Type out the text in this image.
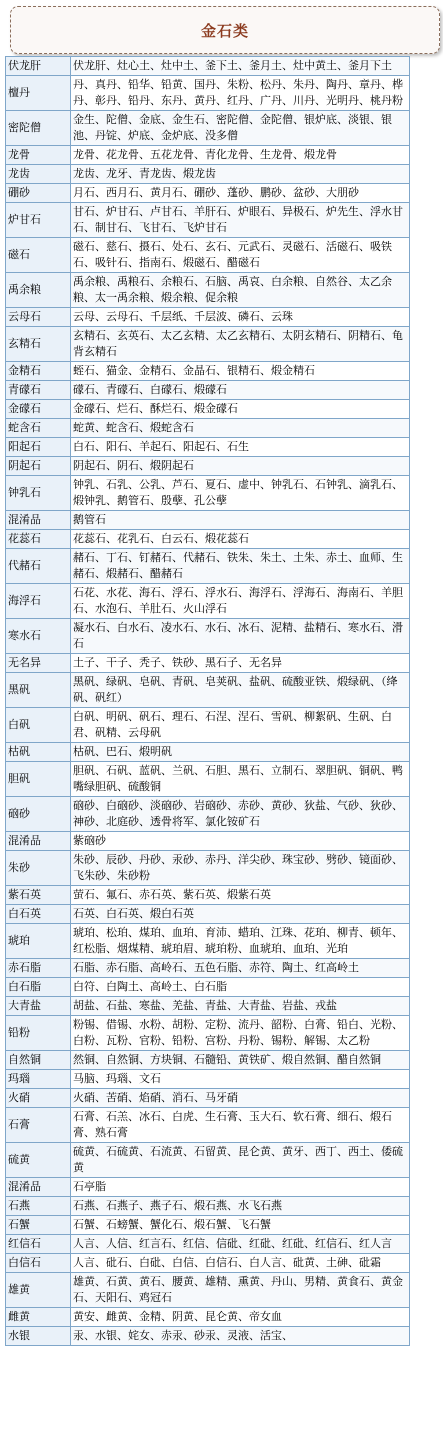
金石类
伏龙肝	伏龙肝、灶心土、灶中土、釜下土、釜月土、灶中黄土、釜月下土
檀丹	丹、真丹、铅华、铅黄、国丹、朱粉、松丹、朱丹、陶丹、章丹、桦丹、彰丹、铅丹、东丹、黄丹、红丹、广丹、川丹、光明丹、桃丹粉
密陀僧	金生、陀僧、金底、金生石、密陀僧、金陀僧、银炉底、淡银、银池、丹锭、炉底、金炉底、没多僧
龙骨	龙骨、花龙骨、五花龙骨、青化龙骨、生龙骨、煅龙骨
龙齿	龙齿、龙牙、青龙齿、煅龙齿
硼砂	月石、西月石、黄月石、硼砂、蓬砂、鹏砂、盆砂、大朋砂
炉甘石	甘石、炉甘石、卢甘石、羊肝石、炉眼石、异极石、炉先生、浮水甘石、制甘石、飞甘石、飞炉甘石
磁石	磁石、慈石、摄石、处石、玄石、元武石、灵磁石、活磁石、吸铁石、吸针石、指南石、煅磁石、醋磁石
禹余粮	禹余粮、禹粮石、余粮石、石脑、禹哀、白余粮、自然谷、太乙余粮、太一禹余粮、煅余粮、促余粮
云母石	云母、云母石、千层纸、千层波、磷石、云珠
玄精石	玄精石、玄英石、太乙玄精、太乙玄精石、太阴玄精石、阴精石、龟背玄精石
金精石	蛭石、猫金、金精石、金晶石、银精石、煅金精石
青礞石	礞石、青礞石、白礞石、煅礞石
金礞石	金礞石、烂石、酥烂石、煅金礞石
蛇含石	蛇黄、蛇含石、煅蛇含石
阳起石	白石、阳石、羊起石、阳起石、石生
阴起石	阴起石、阴石、煅阴起石
钟乳石	钟乳、石乳、公乳、芦石、夏石、虚中、钟乳石、石钟乳、滴乳石、煅钟乳、鹅管石、殷孽、孔公孽
混淆品	鹅管石
花蕊石	花蕊石、花乳石、白云石、煅花蕊石
代赭石	赭石、丁石、钉赭石、代赭石、铁朱、朱土、土朱、赤土、血师、生赭石、煅赭石、醋赭石
海浮石	石花、水花、海石、浮石、浮水石、海浮石、浮海石、海南石、羊胆石、水泡石、羊肚石、火山浮石
寒水石	凝水石、白水石、凌水石、水石、冰石、泥精、盐精石、寒水石、滑石
无名异	土子、干子、秃子、铁砂、黑石子、无名异
黑矾	黑矾、绿矾、皂矾、青矾、皂荚矾、盐矾、硫酸亚铁、煅绿矾、（绛矾、矾红）
白矾	白矾、明矾、矾石、理石、石涅、涅石、雪矾、柳絮矾、生矾、白君、矾精、云母矾
枯矾	枯矾、巴石、煅明矾
胆矾	胆矾、石矾、蓝矾、兰矾、石胆、黑石、立制石、翠胆矾、铜矾、鸭嘴绿胆矾、硫酸铜
硇砂	硇砂、白硇砂、淡硇砂、岩硇砂、赤砂、黄砂、狄盐、气砂、狄砂、神砂、北庭砂、透骨将军、氯化铵矿石
混淆品	紫硇砂
朱砂	朱砂、辰砂、丹砂、汞砂、赤丹、洋尖砂、珠宝砂、劈砂、镜面砂、飞朱砂、朱砂粉
紫石英	萤石、氟石、赤石英、紫石英、煅紫石英
白石英	石英、白石英、煅白石英
琥珀	琥珀、松珀、煤珀、血珀、育沛、蜡珀、江珠、花珀、柳青、顿年、红松脂、烟煤精、琥珀眉、琥珀粉、血琥珀、血珀、光珀
赤石脂	石脂、赤石脂、高岭石、五色石脂、赤符、陶土、红高岭土
白石脂	白符、白陶土、高岭土、白石脂
大青盐	胡盐、石盐、寒盐、羌盐、青盐、大青盐、岩盐、戎盐
铅粉	粉锡、借锡、水粉、胡粉、定粉、流丹、韶粉、白膏、铅白、光粉、白粉、瓦粉、官粉、铅粉、宫粉、丹粉、锡粉、解锡、太乙粉
自然铜	然铜、自然铜、方块铜、石髓铅、黄铁矿、煅自然铜、醋自然铜
玛瑙	马脑、玛瑙、文石
火硝	火硝、苦硝、焰硝、消石、马牙硝
石膏	石膏、石羔、冰石、白虎、生石膏、玉大石、软石膏、细石、煅石膏、熟石膏
硫黄	硫黄、石硫黄、石流黄、石留黄、昆仑黄、黄牙、西丁、西土、倭硫黄
混淆品	石亭脂
石燕	石燕、石燕子、燕子石、煅石燕、水飞石燕
石蟹	石蟹、石螃蟹、蟹化石、煅石蟹、飞石蟹
红信石	人言、人信、红言石、红信、信砒、红砒、红砒、红信石、红人言
白信石	人言、砒石、白砒、白信、白信石、白人言、砒黄、土砷、砒霜
雄黄	雄黄、石黄、黄石、腰黄、雄精、熏黄、丹山、男精、黄食石、黄金石、天阳石、鸡冠石
雌黄	黄安、雌黄、金精、阴黄、昆仑黄、帝女血
水银	汞、水银、姹女、赤汞、砂汞、灵液、活宝、
